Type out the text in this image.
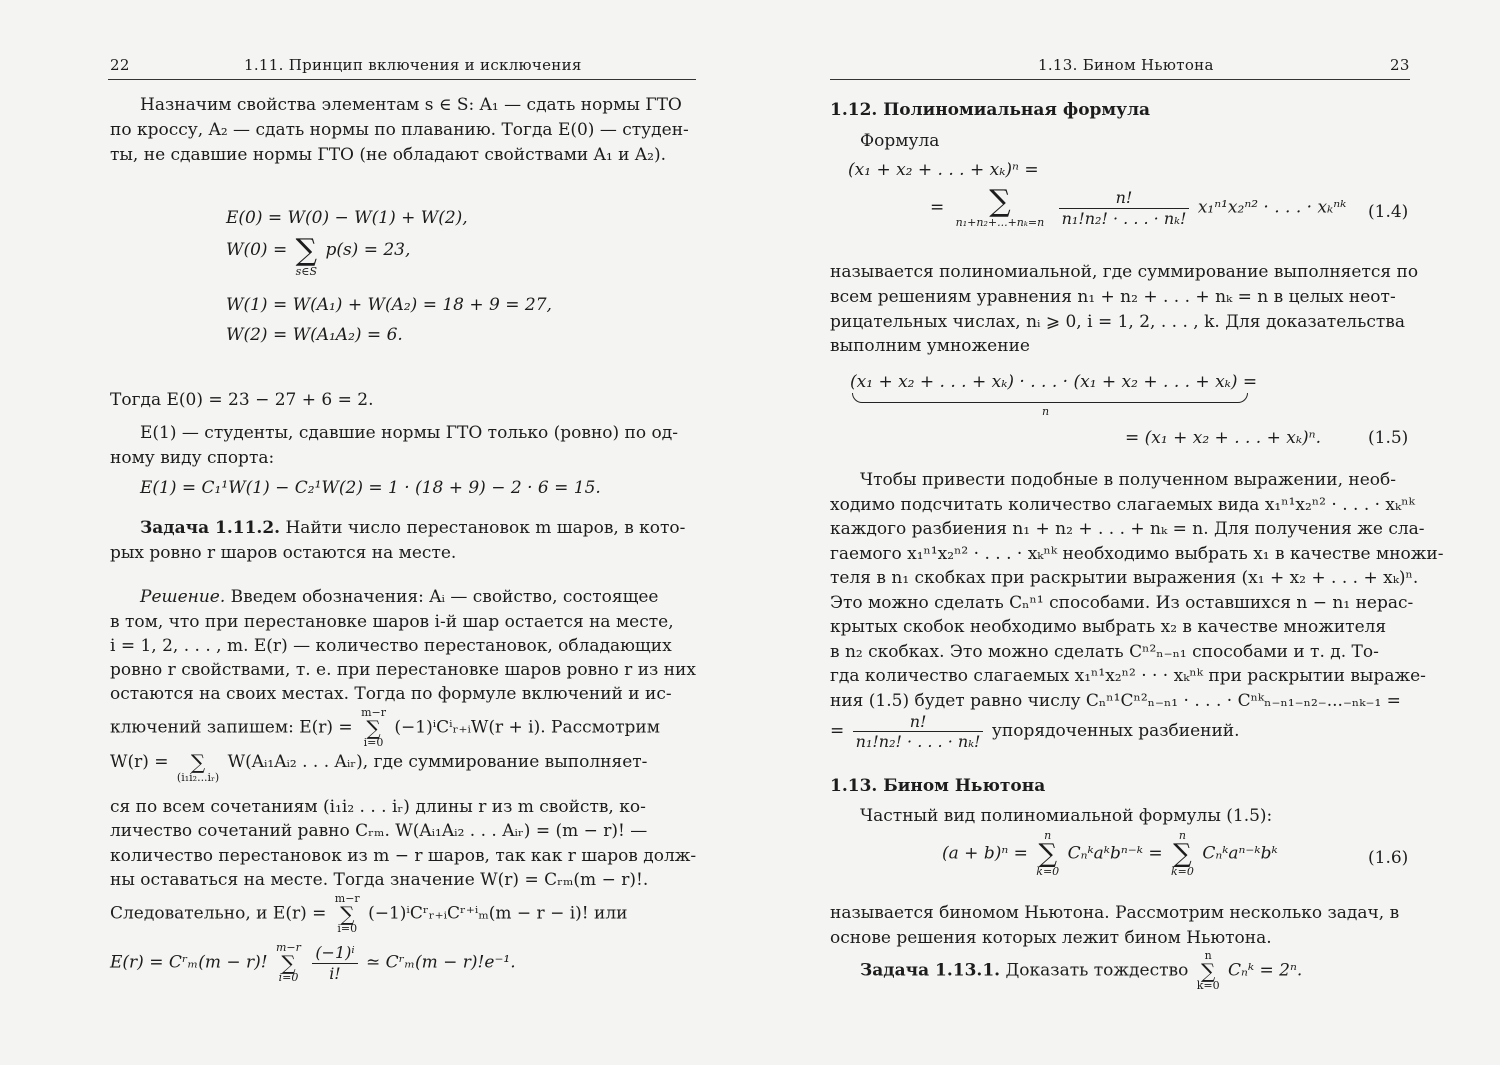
22	1.11. Принцип включения и исключения
Назначим свойства элементам s ∈ S: A₁ — сдать нормы ГТО
по кроссу, A₂ — сдать нормы по плаванию. Тогда E(0) — студен-
ты, не сдавшие нормы ГТО (не обладают свойствами A₁ и A₂).
E(0) = W(0) − W(1) + W(2),
W(0) = ∑
s∈S
p(s) = 23,
W(1) = W(A₁) + W(A₂) = 18 + 9 = 27,
W(2) = W(A₁A₂) = 6.
Тогда E(0) = 23 − 27 + 6 = 2.
E(1) — студенты, сдавшие нормы ГТО только (ровно) по од-
ному виду спорта:
E(1) = C₁¹W(1) − C₂¹W(2) = 1 · (18 + 9) − 2 · 6 = 15.
Задача 1.11.2. Найти число перестановок m шаров, в кото-
рых ровно r шаров остаются на месте.
Решение. Введем обозначения: Aᵢ — свойство, состоящее
в том, что при перестановке шаров i-й шар остается на месте,
i = 1, 2, . . . , m. E(r) — количество перестановок, обладающих
ровно r свойствами, т. е. при перестановке шаров ровно r из них
остаются на своих местах. Тогда по формуле включений и ис-
ключений запишем: E(r) =
m−r
∑
i=0
(−1)ⁱCⁱᵣ₊ᵢW(r + i). Рассмотрим
W(r) =	∑
(i₁i₂...iᵣ)
W(Aᵢ₁Aᵢ₂ . . . Aᵢᵣ), где суммирование выполняет-
ся по всем сочетаниям (i₁i₂ . . . iᵣ) длины r из m свойств, ко-
личество сочетаний равно Cᵣₘ. W(Aᵢ₁Aᵢ₂ . . . Aᵢᵣ) = (m − r)! —
количество перестановок из m − r шаров, так как r шаров долж-
ны оставаться на месте. Тогда значение W(r) = Cᵣₘ(m − r)!.
Следовательно, и E(r) =
m−r
∑
i=0
(−1)ⁱCʳᵣ₊ᵢCʳ⁺ⁱₘ(m − r − i)! или
E(r) = Cʳₘ(m − r)!
m−r
∑
i=0
$\frac{\text{(−1)ⁱ}}{i!}$ ≃ Cʳₘ(m − r)!e⁻¹.
1.13. Бином Ньютона	23
1.12. Полиномиальная формула
Формула
(x₁ + x₂ + . . . + xₖ)ⁿ =
=	∑
n₁+n₂+...+nₖ=n
$\frac{n!}{\text{n₁!n₂! · . . . · nₖ!}} x_1^{n1}x_2^{n2}$ · . . . · xₖⁿᵏ (1.4)
называется полиномиальной, где суммирование выполняется по
всем решениям уравнения n₁ + n₂ + . . . + nₖ = n в целых неот-
рицательных числах, nᵢ ⩾ 0, i = 1, 2, . . . , k. Для доказательства
выполним умножение
(x₁ + x₂ + . . . + xₖ) · . . . · (x₁ + x₂ + . . . + xₖ) =
n
= (x₁ + x₂ + . . . + xₖ)ⁿ.	(1.5)
Чтобы привести подобные в полученном выражении, необ-
ходимо подсчитать количество слагаемых вида x₁ⁿ¹x₂ⁿ² · . . . · xₖⁿᵏ
каждого разбиения n₁ + n₂ + . . . + nₖ = n. Для получения же сла-
гаемого x₁ⁿ¹x₂ⁿ² · . . . · xₖⁿᵏ необходимо выбрать x₁ в качестве множи-
теля в n₁ скобках при раскрытии выражения (x₁ + x₂ + . . . + xₖ)ⁿ.
Это можно сделать Cₙⁿ¹ способами. Из оставшихся n − n₁ нерас-
крытых скобок необходимо выбрать x₂ в качестве множителя
в n₂ скобках. Это можно сделать Cⁿ²ₙ₋ₙ₁ способами и т. д. То-
гда количество слагаемых x₁ⁿ¹x₂ⁿ² · · · xₖⁿᵏ при раскрытии выраже-
ния (1.5) будет равно числу Cₙⁿ¹Cⁿ²ₙ₋ₙ₁ · . . . · Cⁿᵏₙ₋ₙ₁₋ₙ₂₋...₋ₙₖ₋₁ =
= $\frac{n!}{\text{n₁!n₂! · . . . · nₖ!}}$ упорядоченных разбиений.
1.13. Бином Ньютона
Частный вид полиномиальной формулы (1.5):
(a + b)ⁿ =
n
∑
k=0
Cₙᵏaᵏbⁿ⁻ᵏ =
n
∑
k=0
Cₙᵏaⁿ⁻ᵏbᵏ	(1.6)
называется биномом Ньютона. Рассмотрим несколько задач, в
основе решения которых лежит бином Ньютона.
Задача 1.13.1. Доказать тождество
n
∑
k=0
Cₙᵏ = 2ⁿ.
